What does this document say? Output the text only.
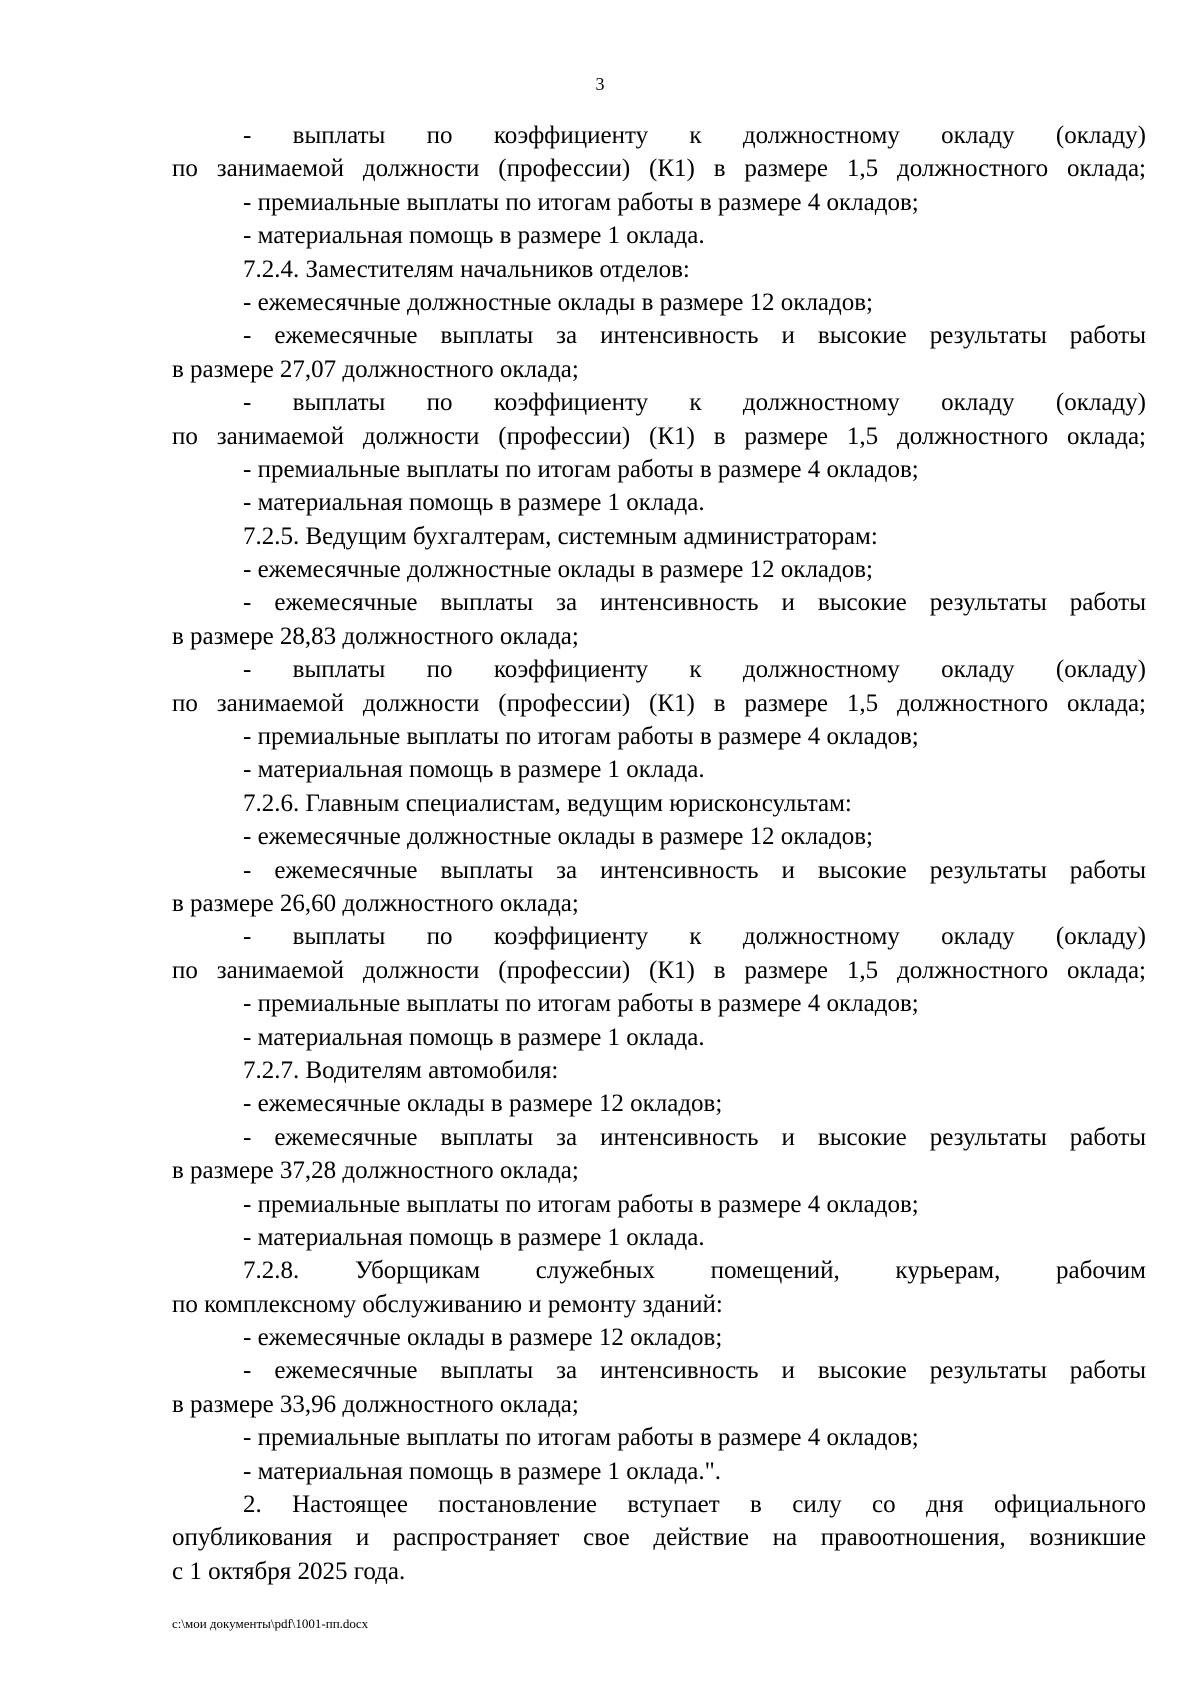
3
- выплаты по коэффициенту к должностному окладу (окладу)
по занимаемой должности (профессии) (К1) в размере 1,5 должностного оклада;
- премиальные выплаты по итогам работы в размере 4 окладов;
- материальная помощь в размере 1 оклада.
7.2.4. Заместителям начальников отделов:
- ежемесячные должностные оклады в размере 12 окладов;
- ежемесячные выплаты за интенсивность и высокие результаты работы
в размере 27,07 должностного оклада;
- выплаты по коэффициенту к должностному окладу (окладу)
по занимаемой должности (профессии) (К1) в размере 1,5 должностного оклада;
- премиальные выплаты по итогам работы в размере 4 окладов;
- материальная помощь в размере 1 оклада.
7.2.5. Ведущим бухгалтерам, системным администраторам:
- ежемесячные должностные оклады в размере 12 окладов;
- ежемесячные выплаты за интенсивность и высокие результаты работы
в размере 28,83 должностного оклада;
- выплаты по коэффициенту к должностному окладу (окладу)
по занимаемой должности (профессии) (К1) в размере 1,5 должностного оклада;
- премиальные выплаты по итогам работы в размере 4 окладов;
- материальная помощь в размере 1 оклада.
7.2.6. Главным специалистам, ведущим юрисконсультам:
- ежемесячные должностные оклады в размере 12 окладов;
- ежемесячные выплаты за интенсивность и высокие результаты работы
в размере 26,60 должностного оклада;
- выплаты по коэффициенту к должностному окладу (окладу)
по занимаемой должности (профессии) (К1) в размере 1,5 должностного оклада;
- премиальные выплаты по итогам работы в размере 4 окладов;
- материальная помощь в размере 1 оклада.
7.2.7. Водителям автомобиля:
- ежемесячные оклады в размере 12 окладов;
- ежемесячные выплаты за интенсивность и высокие результаты работы
в размере 37,28 должностного оклада;
- премиальные выплаты по итогам работы в размере 4 окладов;
- материальная помощь в размере 1 оклада.
7.2.8. Уборщикам служебных помещений, курьерам, рабочим
по комплексному обслуживанию и ремонту зданий:
- ежемесячные оклады в размере 12 окладов;
- ежемесячные выплаты за интенсивность и высокие результаты работы
в размере 33,96 должностного оклада;
- премиальные выплаты по итогам работы в размере 4 окладов;
- материальная помощь в размере 1 оклада.".
2. Настоящее постановление вступает в силу со дня официального
опубликования и распространяет свое действие на правоотношения, возникшие
с 1 октября 2025 года.
c:\мои документы\pdf\1001-пп.docx
